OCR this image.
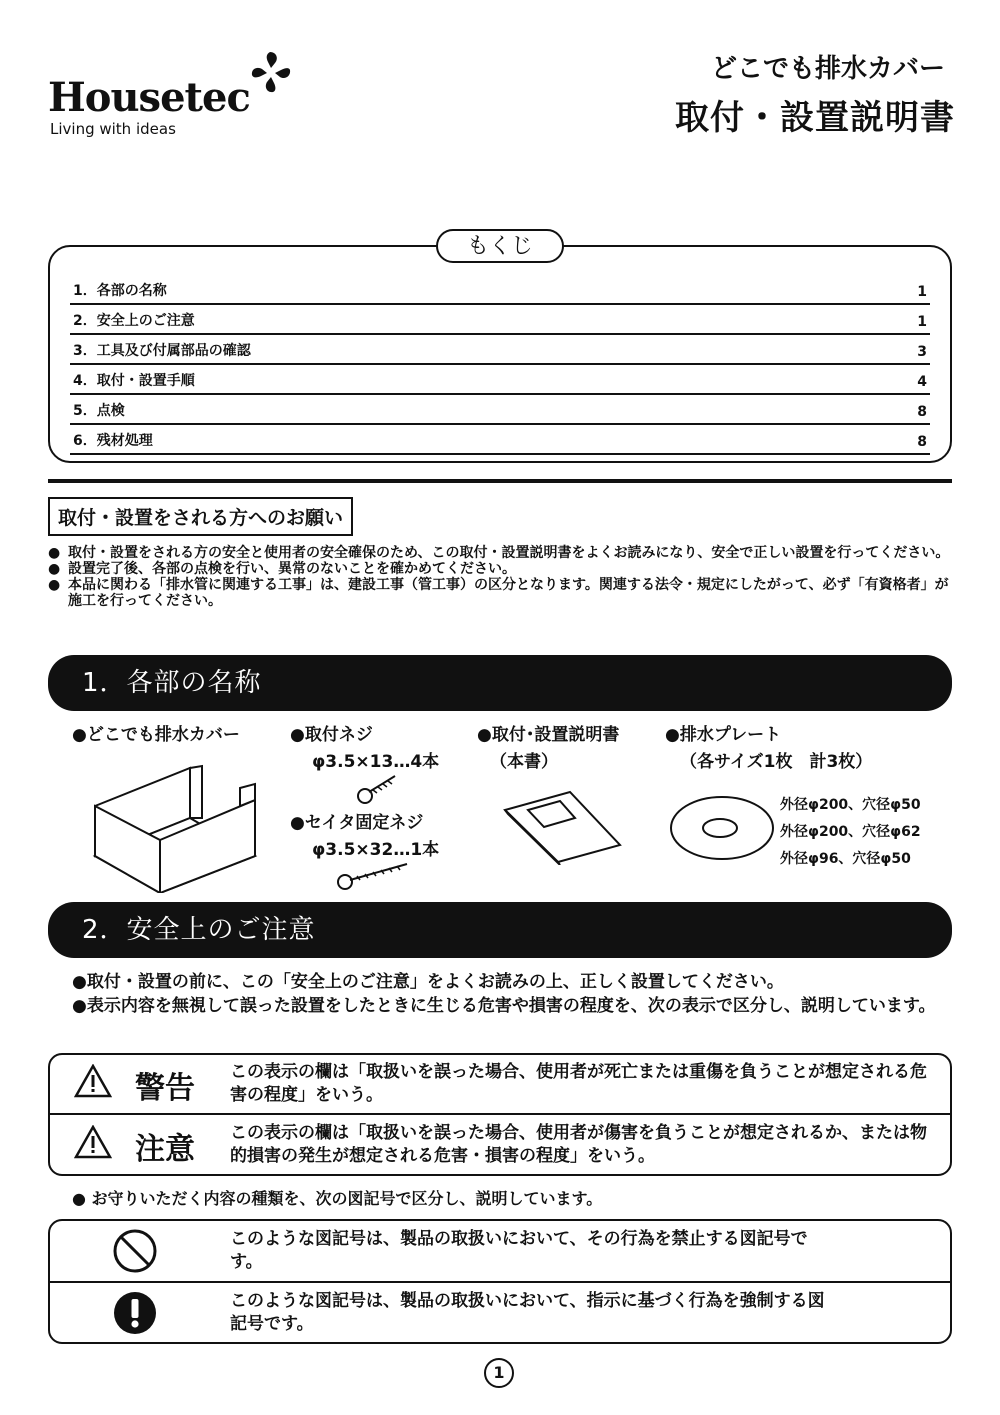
Housetec
Living with ideas
どこでも排水カバー
取付・設置説明書
もくじ
1．各部の名称	1
2．安全上のご注意	1
3．工具及び付属部品の確認	3
4．取付・設置手順	4
5．点検	8
6．残材処理	8
取付・設置をされる方へのお願い
● 取付・設置をされる方の安全と使用者の安全確保のため、この取付・設置説明書をよくお読みになり、安全で正しい設置を行ってください。
● 設置完了後、各部の点検を行い、異常のないことを確かめてください。
● 本品に関わる「排水管に関連する工事」は、建設工事（管工事）の区分となります。関連する法令・規定にしたがって、必ず「有資格者」が施工を行ってください。
1．各部の名称
●どこでも排水カバー	●取付ネジ
φ3.5×13…4本
●セイタ固定ネジ
φ3.5×32…1本
●取付･設置説明書
（本書）
●排水プレート
（各サイズ1枚　計3枚）
外径φ200、穴径φ50
外径φ200、穴径φ62
外径φ96、穴径φ50
2．安全上のご注意
●取付・設置の前に、この「安全上のご注意」をよくお読みの上、正しく設置してください。
●表示内容を無視して誤った設置をしたときに生じる危害や損害の程度を、次の表示で区分し、説明しています。
警告 この表示の欄は「取扱いを誤った場合、使用者が死亡または重傷を負うことが想定される危害の程度」をいう。
注意 この表示の欄は「取扱いを誤った場合、使用者が傷害を負うことが想定されるか、または物的損害の発生が想定される危害・損害の程度」をいう。
● お守りいただく内容の種類を、次の図記号で区分し、説明しています。
このような図記号は、製品の取扱いにおいて、その行為を禁止する図記号です。
このような図記号は、製品の取扱いにおいて、指示に基づく行為を強制する図記号です。
1
